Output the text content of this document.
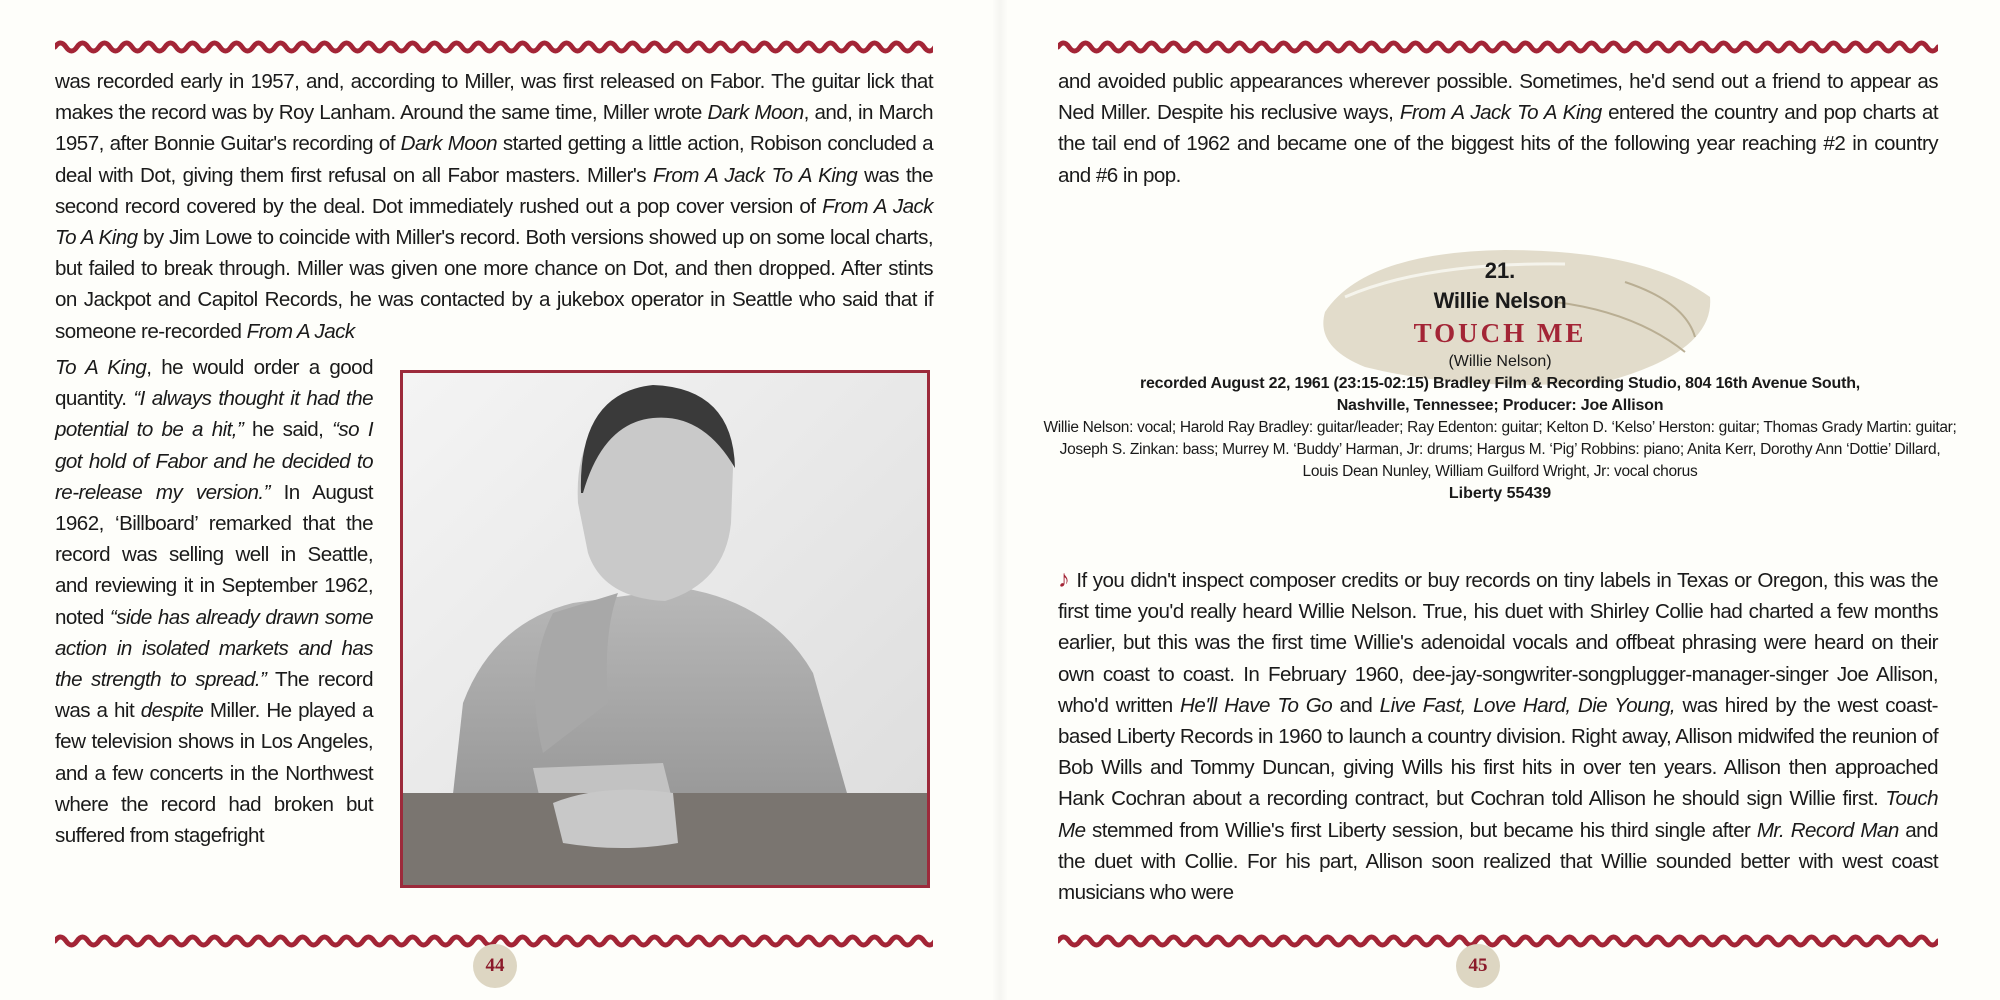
was recorded early in 1957, and, according to Miller, was first released on Fabor. The guitar lick that makes the record was by Roy Lanham. Around the same time, Miller wrote Dark Moon, and, in March 1957, after Bonnie Guitar's recording of Dark Moon started getting a little action, Robison concluded a deal with Dot, giving them first refusal on all Fabor masters. Miller's From A Jack To A King was the second record covered by the deal. Dot immediately rushed out a pop cover version of From A Jack To A King by Jim Lowe to coincide with Miller's record. Both versions showed up on some local charts, but failed to break through. Miller was given one more chance on Dot, and then dropped. After stints on Jackpot and Capitol Records, he was contacted by a jukebox operator in Seattle who said that if someone re-recorded From A Jack

To A King, he would order a good quantity. “I always thought it had the potential to be a hit,” he said, “so I got hold of Fabor and he decided to re-release my version.” In August 1962, ‘Billboard’ remarked that the record was selling well in Seattle, and reviewing it in September 1962, noted “side has already drawn some action in isolated markets and has the strength to spread.” The record was a hit despite Miller. He played a few television shows in Los Angeles, and a few concerts in the Northwest where the record had broken but suffered from stagefright

44

and avoided public appearances wherever possible. Sometimes, he'd send out a friend to appear as Ned Miller. Despite his reclusive ways, From A Jack To A King entered the country and pop charts at the tail end of 1962 and became one of the biggest hits of the following year reaching #2 in country and #6 in pop.

21.
Willie Nelson
TOUCH ME
(Willie Nelson)
recorded August 22, 1961 (23:15-02:15) Bradley Film & Recording Studio, 804 16th Avenue South,
Nashville, Tennessee; Producer: Joe Allison
Willie Nelson: vocal; Harold Ray Bradley: guitar/leader; Ray Edenton: guitar; Kelton D. ‘Kelso’ Herston: guitar; Thomas Grady Martin: guitar; Joseph S. Zinkan: bass; Murrey M. ‘Buddy’ Harman, Jr: drums; Hargus M. ‘Pig’ Robbins: piano; Anita Kerr, Dorothy Ann ‘Dottie’ Dillard, Louis Dean Nunley, William Guilford Wright, Jr: vocal chorus
Liberty 55439

♪ If you didn't inspect composer credits or buy records on tiny labels in Texas or Oregon, this was the first time you'd really heard Willie Nelson. True, his duet with Shirley Collie had charted a few months earlier, but this was the first time Willie's adenoidal vocals and offbeat phrasing were heard on their own coast to coast. In February 1960, dee-jay-songwriter-songplugger-manager-singer Joe Allison, who'd written He'll Have To Go and Live Fast, Love Hard, Die Young, was hired by the west coast-based Liberty Records in 1960 to launch a country division. Right away, Allison midwifed the reunion of Bob Wills and Tommy Duncan, giving Wills his first hits in over ten years. Allison then approached Hank Cochran about a recording contract, but Cochran told Allison he should sign Willie first. Touch Me stemmed from Willie's first Liberty session, but became his third single after Mr. Record Man and the duet with Collie. For his part, Allison soon realized that Willie sounded better with west coast musicians who were

45
